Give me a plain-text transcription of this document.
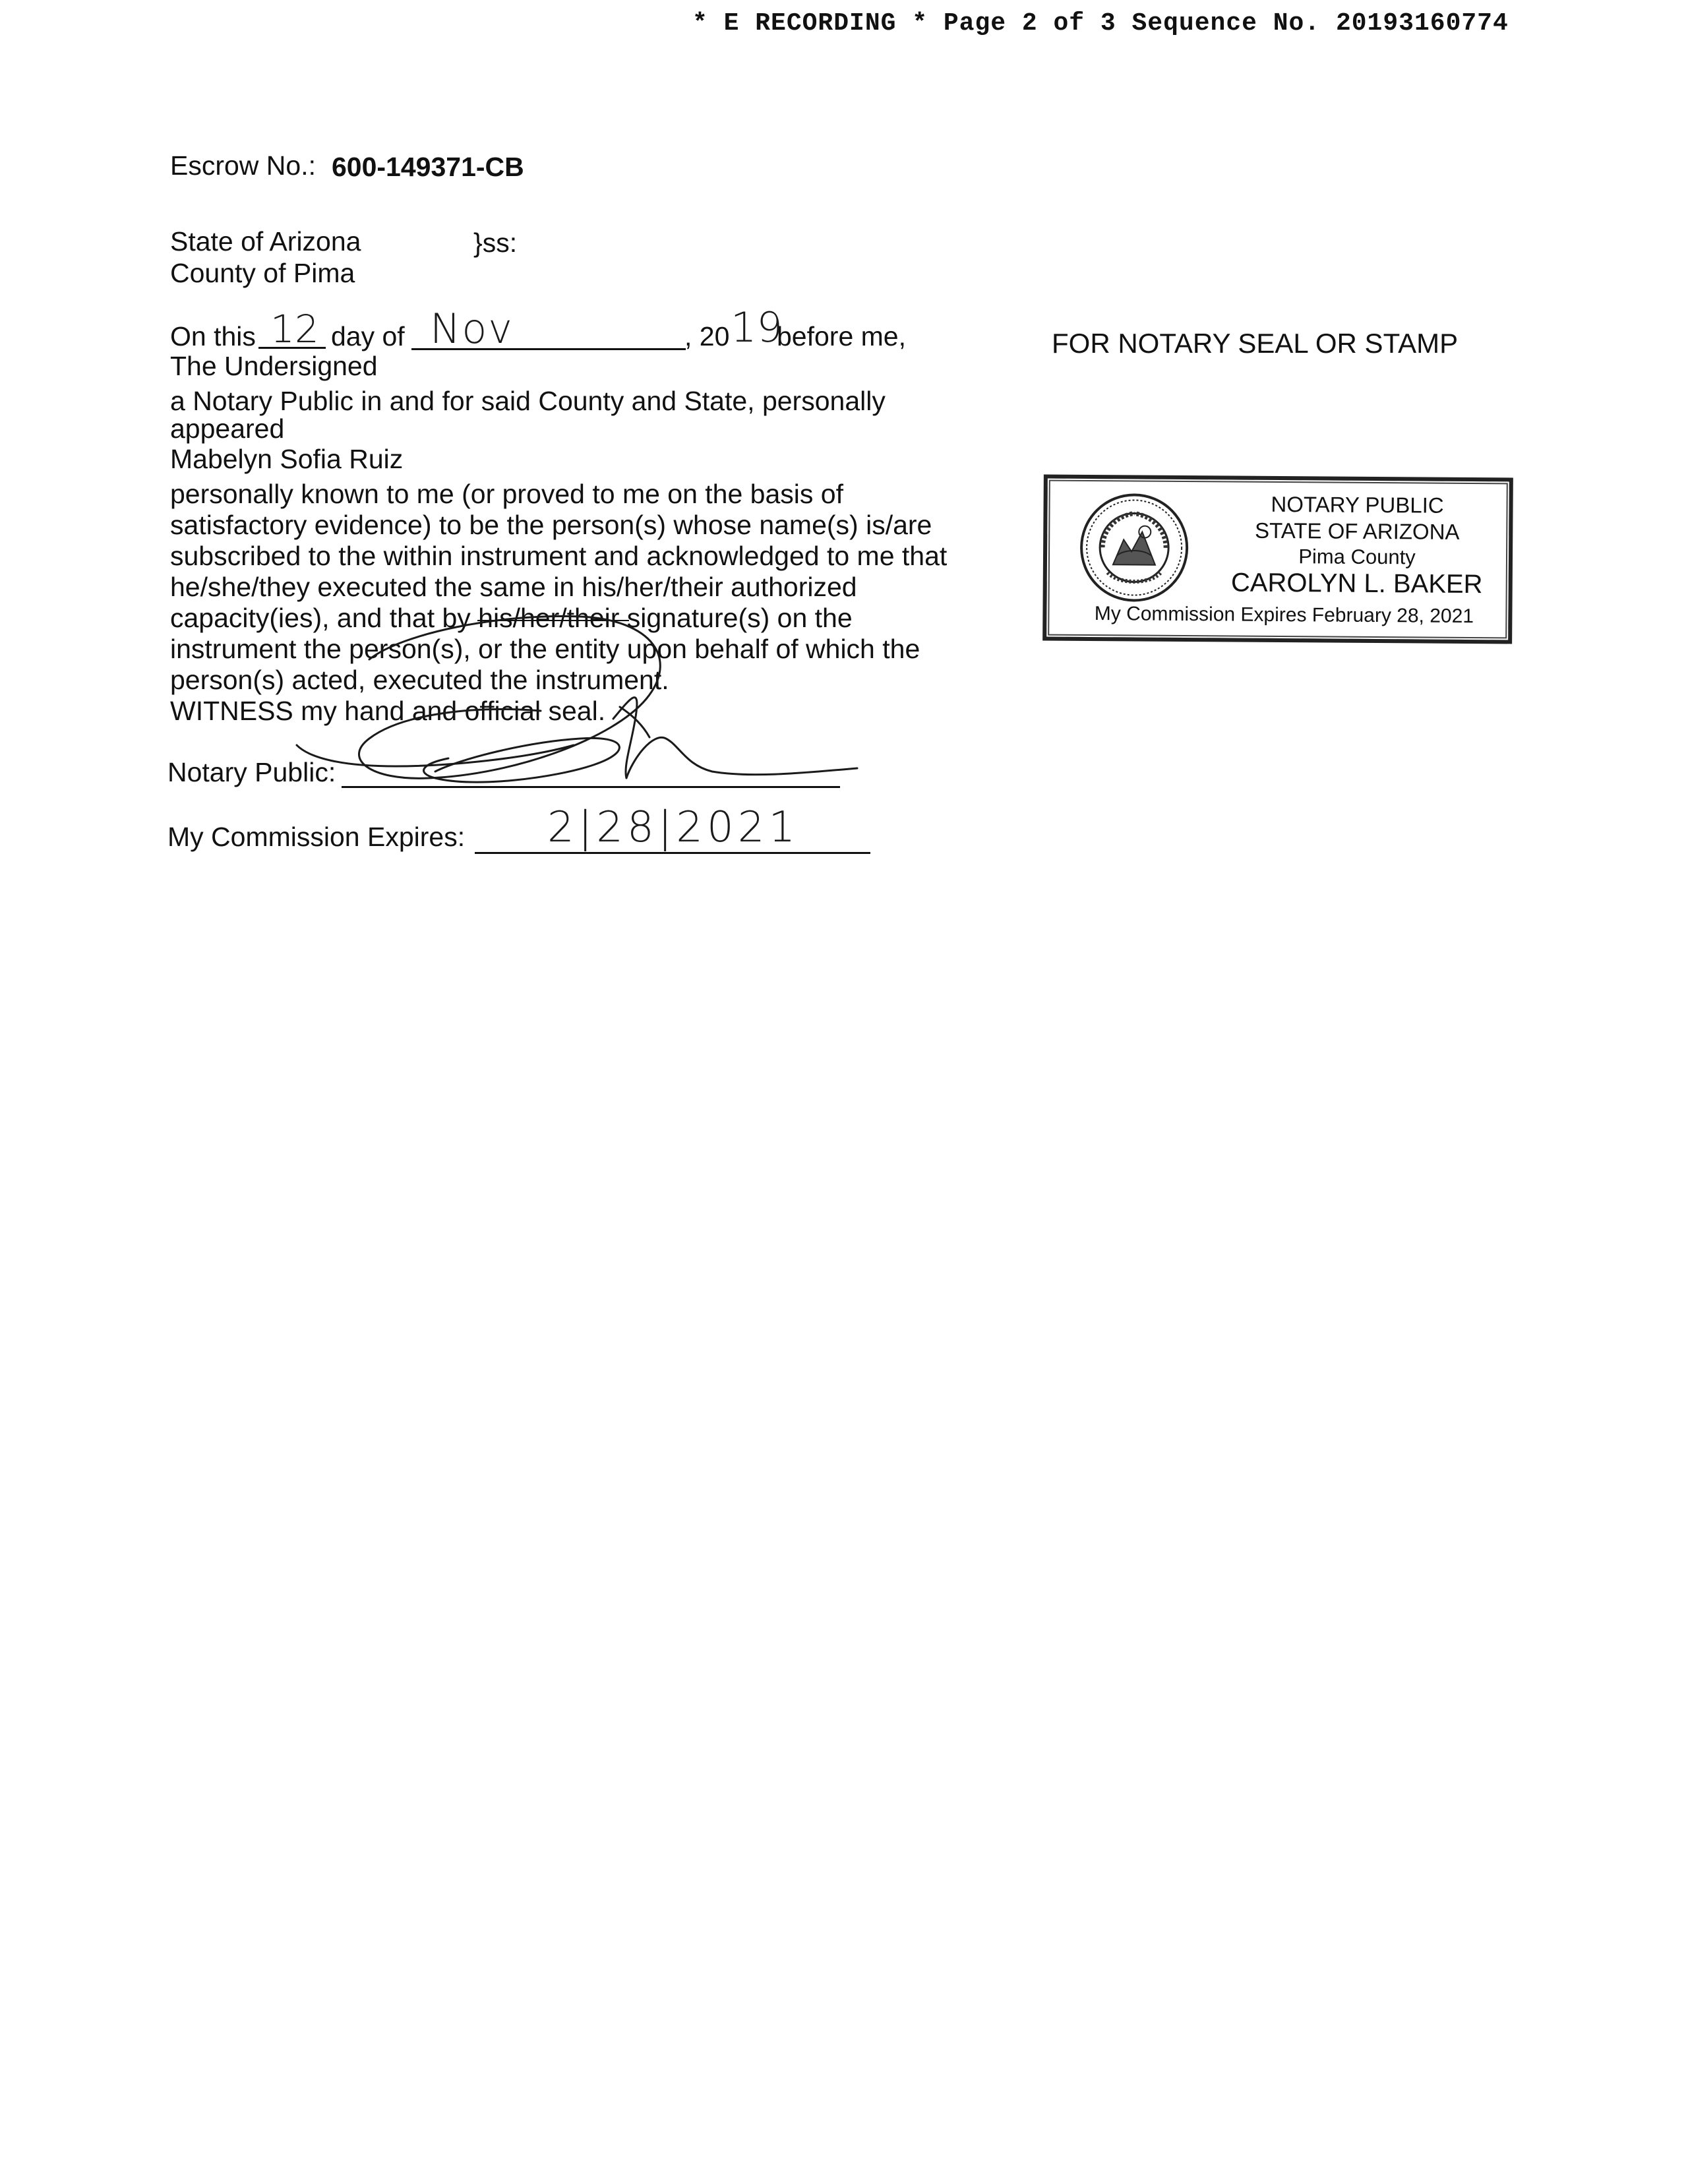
* E RECORDING * Page 2 of 3 Sequence No. 20193160774
Escrow No.: 600-149371-CB
State of Arizona	}ss:
County of Pima
On this 12 day of Nov	, 20 19
before me,
The Undersigned
a Notary Public in and for said County and State, personally
appeared
Mabelyn Sofia Ruiz
personally known to me (or proved to me on the basis of
satisfactory evidence) to be the person(s) whose name(s) is/are
subscribed to the within instrument and acknowledged to me that
he/she/they executed the same in his/her/their authorized
capacity(ies), and that by his/her/their signature(s) on the
instrument the person(s), or the entity upon behalf of which the
person(s) acted, executed the instrument.
WITNESS my hand and official seal.
Notary Public:
My Commission Expires: 2|28|2021
FOR NOTARY SEAL OR STAMP
NOTARY PUBLIC
STATE OF ARIZONA
Pima County
CAROLYN L. BAKER
My Commission Expires February 28, 2021
